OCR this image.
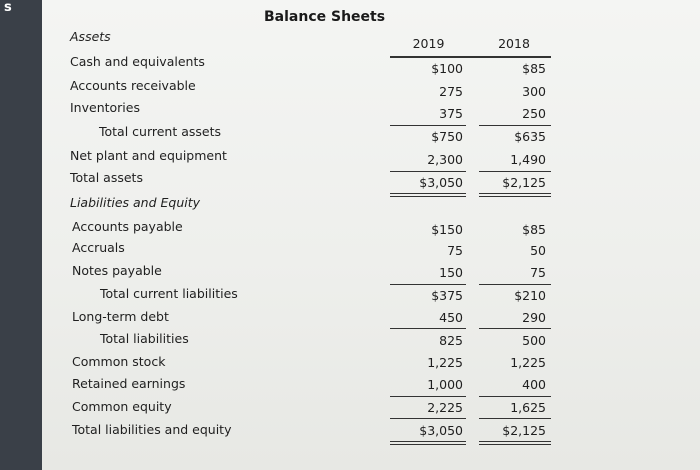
s
Balance Sheets
2019	2018
Assets
Cash and equivalents	$100	$85
Accounts receivable	275	300
Inventories	375	250
Total current assets	$750	$635
Net plant and equipment	2,300	1,490
Total assets	$3,050	$2,125
Liabilities and Equity
Accounts payable	$150	$85
Accruals	75	50
Notes payable	150	75
Total current liabilities	$375	$210
Long-term debt	450	290
Total liabilities	825	500
Common stock	1,225	1,225
Retained earnings	1,000	400
Common equity	2,225	1,625
Total liabilities and equity	$3,050	$2,125
